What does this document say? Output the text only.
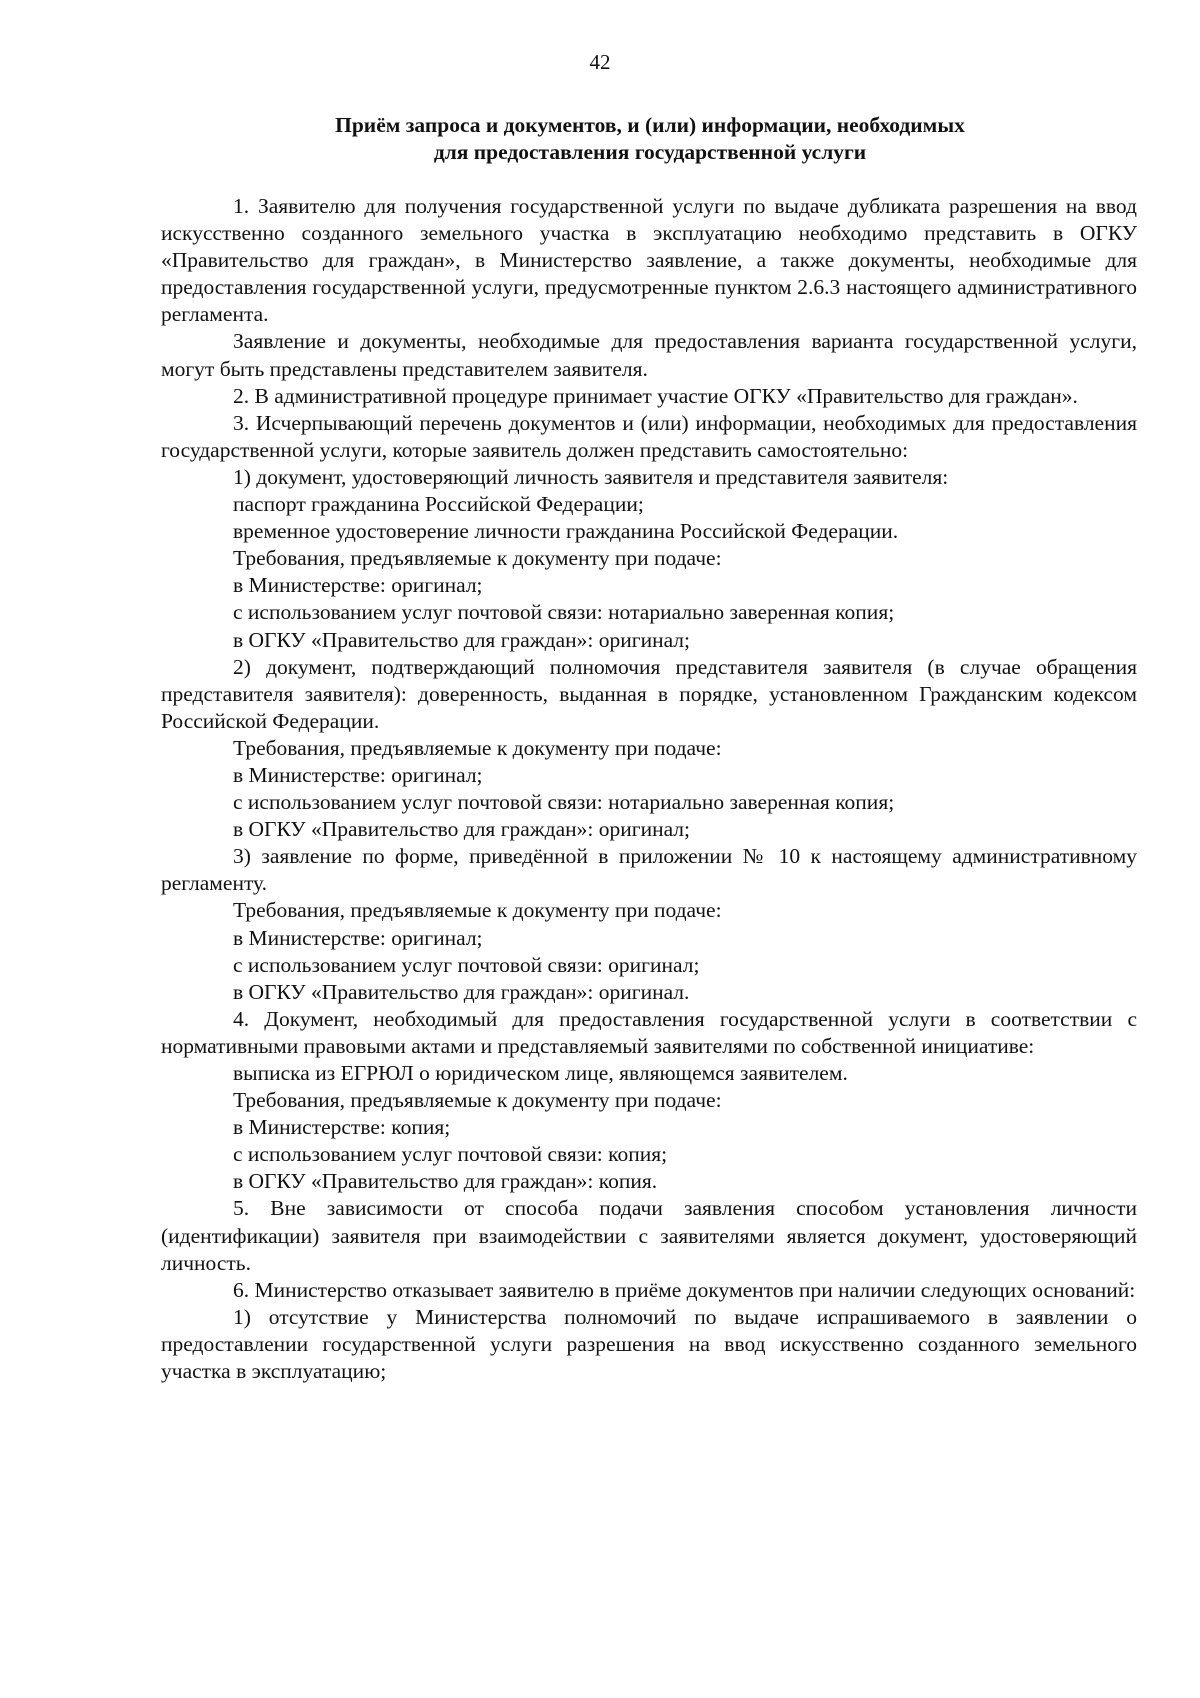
42
Приём запроса и документов, и (или) информации, необходимых
для предоставления государственной услуги

1. Заявителю для получения государственной услуги по выдаче дубликата разрешения на ввод искусственно созданного земельного участка в эксплуатацию необходимо представить в ОГКУ «Правительство для граждан», в Министерство заявление, а также документы, необходимые для предоставления государственной услуги, предусмотренные пунктом 2.6.3 настоящего административного регламента.

Заявление и документы, необходимые для предоставления варианта государственной услуги, могут быть представлены представителем заявителя.

2. В административной процедуре принимает участие ОГКУ «Правительство для граждан».

3. Исчерпывающий перечень документов и (или) информации, необходимых для предоставления государственной услуги, которые заявитель должен представить самостоятельно:

1) документ, удостоверяющий личность заявителя и представителя заявителя:

паспорт гражданина Российской Федерации;

временное удостоверение личности гражданина Российской Федерации.

Требования, предъявляемые к документу при подаче:

в Министерстве: оригинал;

с использованием услуг почтовой связи: нотариально заверенная копия;

в ОГКУ «Правительство для граждан»: оригинал;

2) документ, подтверждающий полномочия представителя заявителя (в случае обращения представителя заявителя): доверенность, выданная в порядке, установленном Гражданским кодексом Российской Федерации.

Требования, предъявляемые к документу при подаче:

в Министерстве: оригинал;

с использованием услуг почтовой связи: нотариально заверенная копия;

в ОГКУ «Правительство для граждан»: оригинал;

3) заявление по форме, приведённой в приложении № 10 к настоящему административному регламенту.

Требования, предъявляемые к документу при подаче:

в Министерстве: оригинал;

с использованием услуг почтовой связи: оригинал;

в ОГКУ «Правительство для граждан»: оригинал.

4. Документ, необходимый для предоставления государственной услуги в соответствии с нормативными правовыми актами и представляемый заявителями по собственной инициативе:

выписка из ЕГРЮЛ о юридическом лице, являющемся заявителем.

Требования, предъявляемые к документу при подаче:

в Министерстве: копия;

с использованием услуг почтовой связи: копия;

в ОГКУ «Правительство для граждан»: копия.

5. Вне зависимости от способа подачи заявления способом установления личности (идентификации) заявителя при взаимодействии с заявителями является документ, удостоверяющий личность.

6. Министерство отказывает заявителю в приёме документов при наличии следующих оснований:

1) отсутствие у Министерства полномочий по выдаче испрашиваемого в заявлении о предоставлении государственной услуги разрешения на ввод искусственно созданного земельного участка в эксплуатацию;
